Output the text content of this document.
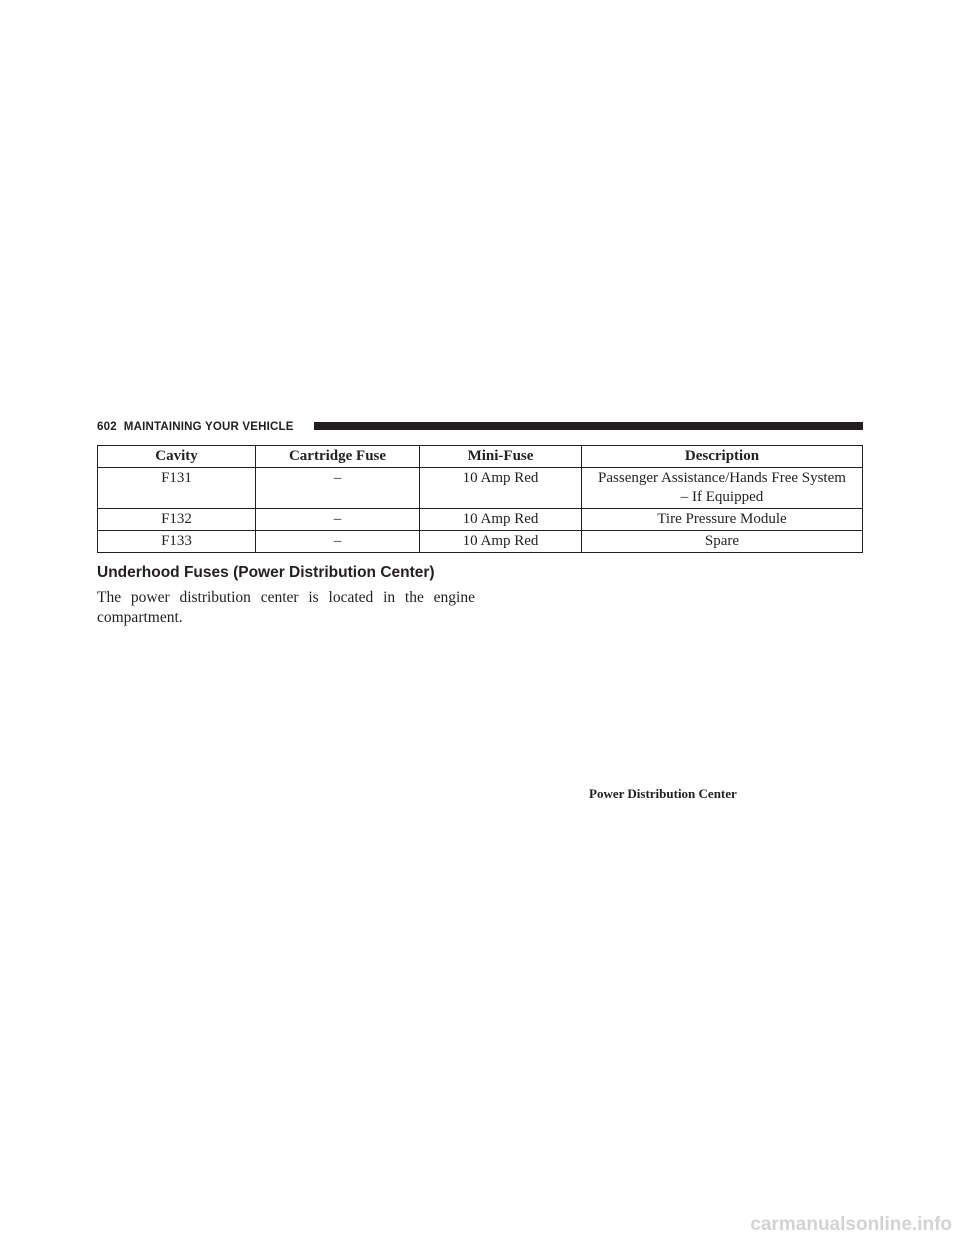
602 MAINTAINING YOUR VEHICLE
Cavity	Cartridge Fuse	Mini-Fuse	Description
F131	–	10 Amp Red	Passenger Assistance/Hands Free System
– If Equipped

F132	–	10 Amp Red	Tire Pressure Module
F133	–	10 Amp Red	Spare
Underhood Fuses (Power Distribution Center)
The power distribution center is located in the engine compartment.
Power Distribution Center
carmanualsonline.info
